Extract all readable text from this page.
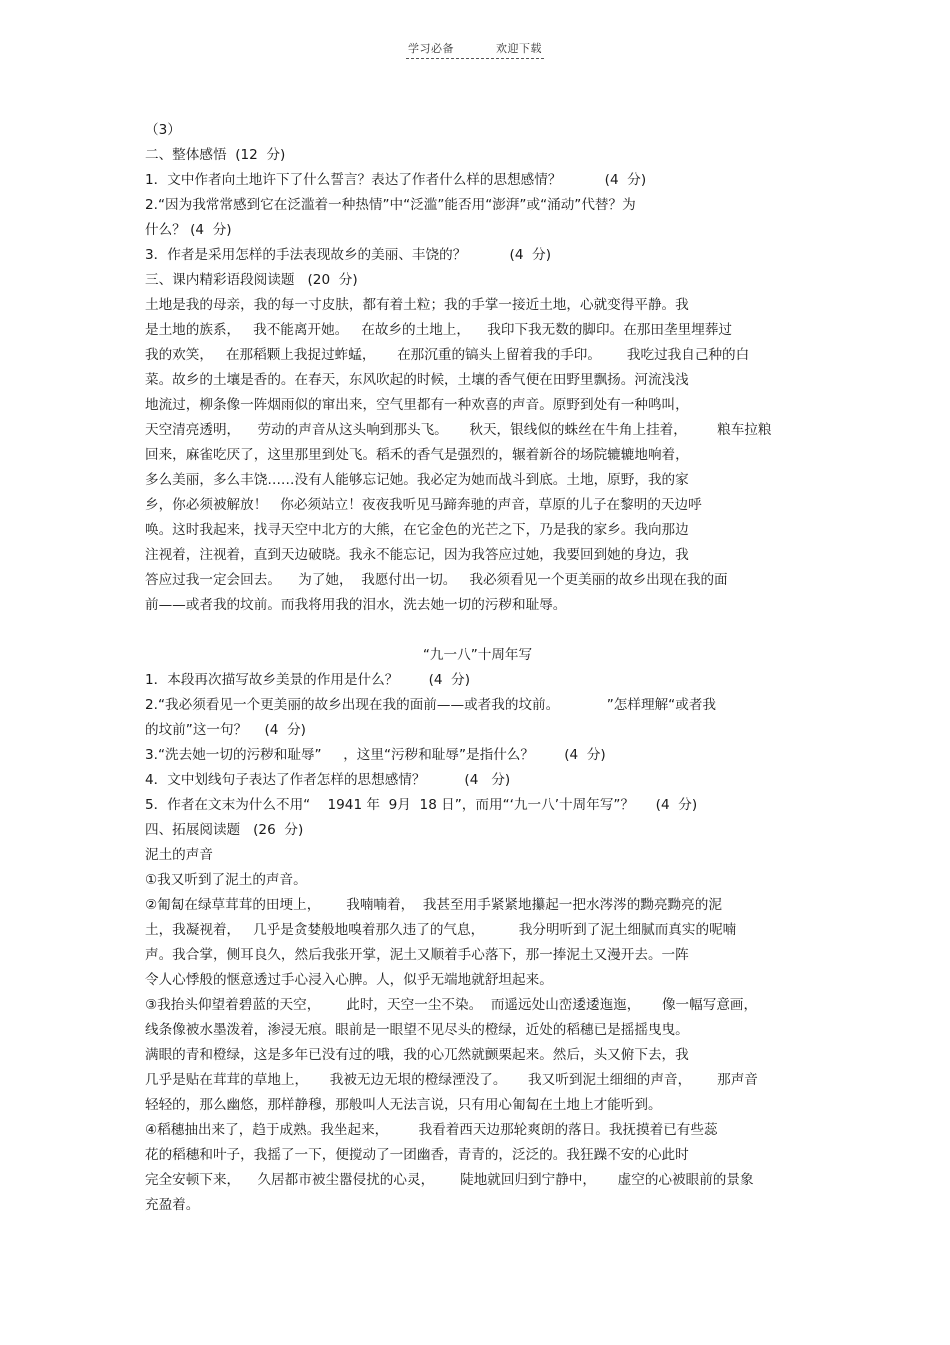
学习必备	欢迎下载
（3）
二、整体感悟  (12  分)
1．文中作者向土地许下了什么誓言？表达了作者什么样的思想感情？          (4  分)
2.“因为我常常感到它在泛滥着一种热情”中“泛滥”能否用“澎湃”或“涌动”代替？为
什么？ (4  分)
3．作者是采用怎样的手法表现故乡的美丽、丰饶的？          (4  分)
三、课内精彩语段阅读题   (20  分)
土地是我的母亲，我的每一寸皮肤，都有着土粒；我的手掌一接近土地，心就变得平静。我
是土地的族系，   我不能离开她。   在故乡的土地上，    我印下我无数的脚印。在那田垄里埋葬过
我的欢笑，   在那稻颗上我捉过蚱蜢，     在那沉重的镐头上留着我的手印。      我吃过我自己种的白
菜。故乡的土壤是香的。在春天，东风吹起的时候，土壤的香气便在田野里飘扬。河流浅浅
地流过，柳条像一阵烟雨似的窜出来，空气里都有一种欢喜的声音。原野到处有一种鸣叫，
天空清亮透明，    劳动的声音从这头响到那头飞。     秋天，银线似的蛛丝在牛角上挂着，       粮车拉粮
回来，麻雀吃厌了，这里那里到处飞。稻禾的香气是强烈的，辗着新谷的场院辘辘地响着，
多么美丽，多么丰饶……没有人能够忘记她。我必定为她而战斗到底。土地，原野，我的家
乡，你必须被解放！   你必须站立！夜夜我听见马蹄奔驰的声音，草原的儿子在黎明的天边呼
唤。这时我起来，找寻天空中北方的大熊，在它金色的光芒之下，乃是我的家乡。我向那边
注视着，注视着，直到天边破晓。我永不能忘记，因为我答应过她，我要回到她的身边，我
答应过我一定会回去。    为了她，  我愿付出一切。   我必须看见一个更美丽的故乡出现在我的面
前——或者我的坟前。而我将用我的泪水，洗去她一切的污秽和耻辱。
“九一八”十周年写
1．本段再次描写故乡美景的作用是什么？       (4  分)
2.“我必须看见一个更美丽的故乡出现在我的面前——或者我的坟前。           ”怎样理解“或者我
的坟前”这一句？    (4  分)
3.“洗去她一切的污秽和耻辱”     ，这里“污秽和耻辱”是指什么？       (4  分)
4．文中划线句子表达了作者怎样的思想感情？         (4   分)
5．作者在文末为什么不用“    1941 年  9月  18 日”，而用“‘九一八’十周年写”？     (4  分)
四、拓展阅读题   (26  分)
泥土的声音
①我又听到了泥土的声音。
②匍匐在绿草茸茸的田埂上，      我喃喃着，  我甚至用手紧紧地攥起一把水涔涔的黝亮黝亮的泥
土，我凝视着，   几乎是贪婪般地嗅着那久违了的气息，        我分明听到了泥土细腻而真实的呢喃
声。我合掌，侧耳良久，然后我张开掌，泥土又顺着手心落下，那一捧泥土又漫开去。一阵
令人心悸般的惬意透过手心浸入心脾。人，似乎无端地就舒坦起来。
③我抬头仰望着碧蓝的天空，      此时，天空一尘不染。  而遥远处山峦逶逶迤迤，     像一幅写意画，
线条像被水墨泼着，渗浸无痕。眼前是一眼望不见尽头的橙绿，近处的稻穗已是摇摇曳曳。
满眼的青和橙绿，这是多年已没有过的哦，我的心兀然就颤栗起来。然后，头又俯下去，我
几乎是贴在茸茸的草地上，     我被无边无垠的橙绿湮没了。     我又听到泥土细细的声音，      那声音
轻轻的，那么幽悠，那样静穆，那般叫人无法言说，只有用心匍匐在土地上才能听到。
④稻穗抽出来了，趋于成熟。我坐起来，       我看着西天边那轮爽朗的落日。我抚摸着已有些蕊
花的稻穗和叶子，我摇了一下，便搅动了一团幽香，青青的，泛泛的。我狂躁不安的心此时
完全安顿下来，    久居都市被尘嚣侵扰的心灵，      陡地就回归到宁静中，     虚空的心被眼前的景象
充盈着。
